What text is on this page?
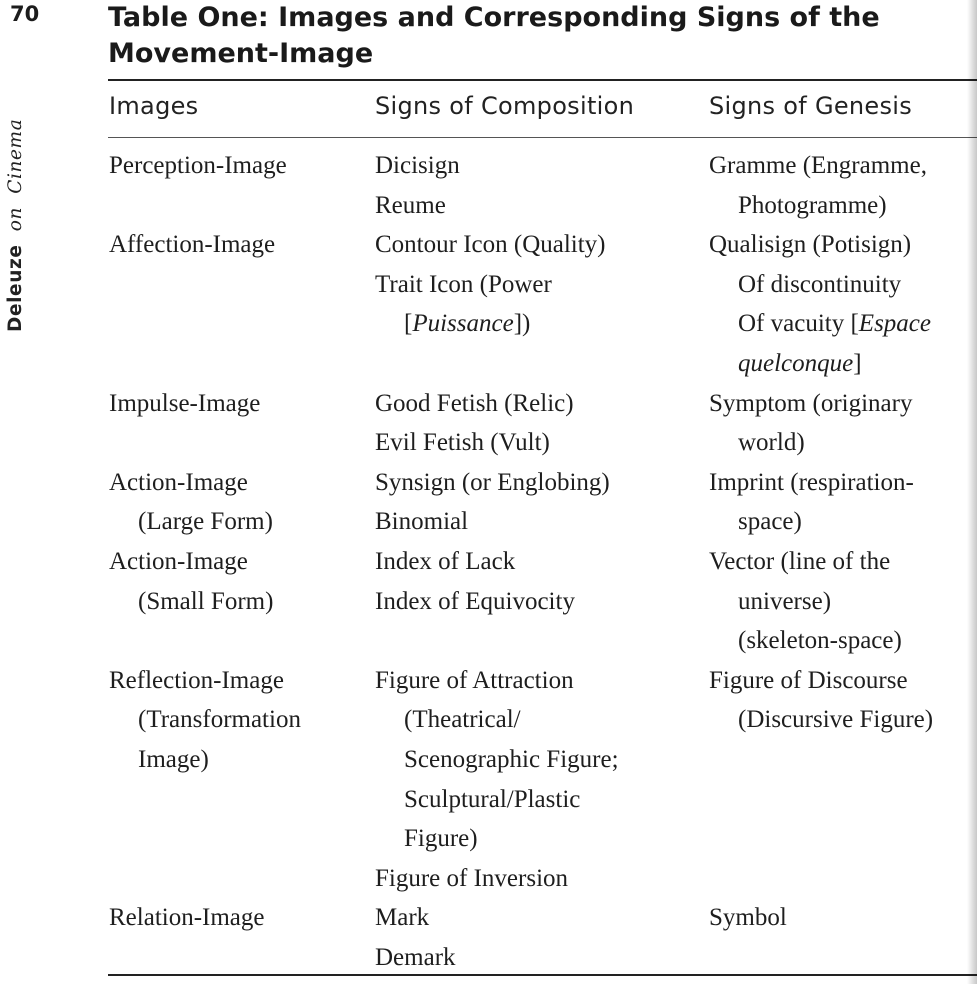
70
Deleuze on Cinema
Table One: Images and Corresponding Signs of the Movement-Image
Images	Signs of Composition	Signs of Genesis
Perception-Image
Affection-Image
Impulse-Image
Action-Image
(Large Form)
Action-Image
(Small Form)
Reflection-Image
(Transformation
Image)
Relation-Image
Dicisign
Reume
Contour Icon (Quality)
Trait Icon (Power
[Puissance])
Good Fetish (Relic)
Evil Fetish (Vult)
Synsign (or Englobing)
Binomial
Index of Lack
Index of Equivocity
Figure of Attraction
(Theatrical/
Scenographic Figure;
Sculptural/Plastic
Figure)
Figure of Inversion
Mark
Demark
Gramme (Engramme,
Photogramme)
Qualisign (Potisign)
Of discontinuity
Of vacuity [Espace
quelconque]
Symptom (originary
world)
Imprint (respiration-
space)
Vector (line of the
universe)
(skeleton-space)
Figure of Discourse
(Discursive Figure)
Symbol
